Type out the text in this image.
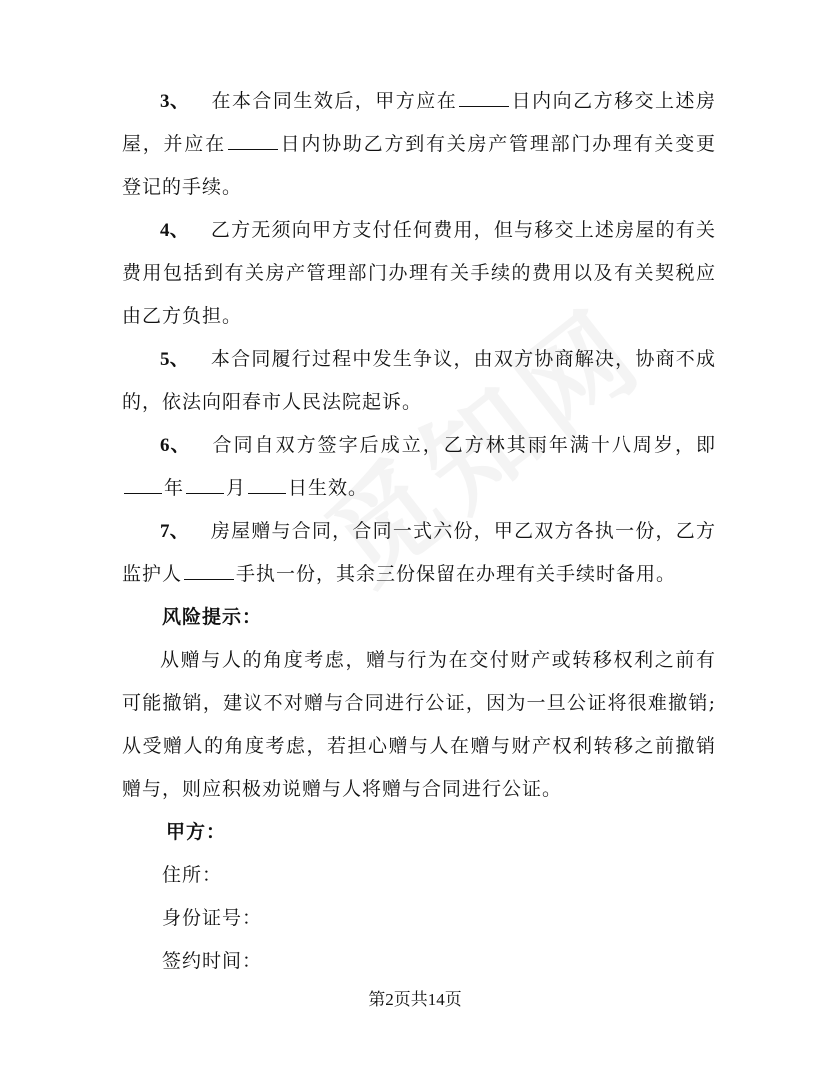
3、 在本合同生效后，甲方应在	日内向乙方移交上述房屋，并应在	日内协助乙方到有关房产管理部门办理有关变更登记的手续。

4、 乙方无须向甲方支付任何费用，但与移交上述房屋的有关费用包括到有关房产管理部门办理有关手续的费用以及有关契税应由乙方负担。

5、 本合同履行过程中发生争议，由双方协商解决，协商不成的，依法向阳春市人民法院起诉。

6、 合同自双方签字后成立，乙方林其雨年满十八周岁，即年 月 日生效。

7、 房屋赠与合同，合同一式六份，甲乙双方各执一份，乙方监护人	手执一份，其余三份保留在办理有关手续时备用。

风险提示：

从赠与人的角度考虑，赠与行为在交付财产或转移权利之前有可能撤销，建议不对赠与合同进行公证，因为一旦公证将很难撤销;从受赠人的角度考虑，若担心赠与人在赠与财产权利转移之前撤销赠与，则应积极劝说赠与人将赠与合同进行公证。

甲方：
住所：
身份证号：
签约时间：
第2页共14页
